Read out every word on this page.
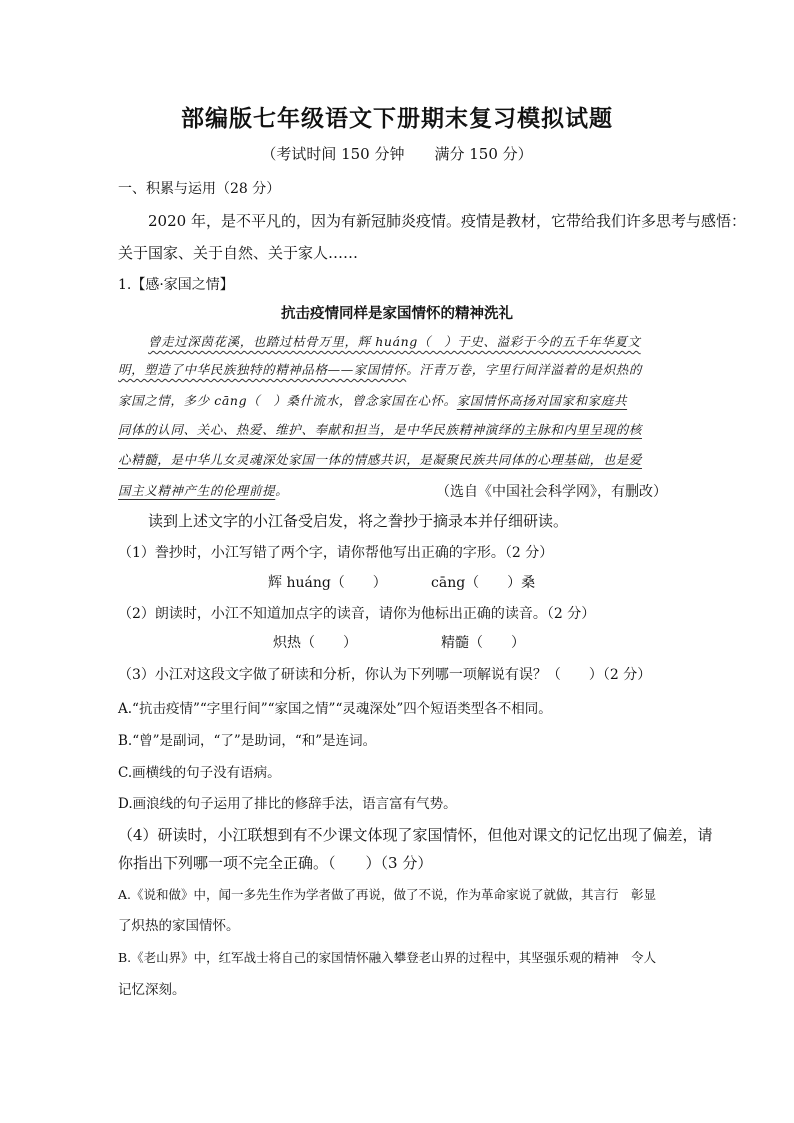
部编版七年级语文下册期末复习模拟试题
（考试时间 150 分钟　　满分 150 分）
一、积累与运用（28 分）
2020 年，是不平凡的，因为有新冠肺炎疫情。疫情是教材，它带给我们许多思考与感悟：
关于国家、关于自然、关于家人……
1.【感·家国之情】
抗击疫情同样是家国情怀的精神洗礼
曾走过深茵花溪，也踏过枯骨万里，辉 huáng（　）于史、溢彩于今的五千年华夏文
明，塑造了中华民族独特的精神品格——家国情怀。汗青万卷，字里行间洋溢着的是炽热的
家国之情，多少 cāng（　）桑什流水，曾念家国在心怀。家国情怀高扬对国家和家庭共
同体的认同、关心、热爱、维护、奉献和担当，是中华民族精神演绎的主脉和内里呈现的核
心精髓，是中华儿女灵魂深处家国一体的情感共识，是凝聚民族共同体的心理基础，也是爱
国主义精神产生的伦理前提。	（选自《中国社会科学网》，有删改）
读到上述文字的小江备受启发，将之誊抄于摘录本并仔细研读。
（1）誊抄时，小江写错了两个字，请你帮他写出正确的字形。（2 分）
辉 huáng（　　）	cāng（　　）桑
（2）朗读时，小江不知道加点字的读音，请你为他标出正确的读音。（2 分）
炽热（　　）	精髓（　　）
（3）小江对这段文字做了研读和分析，你认为下列哪一项解说有误？（　　）（2 分）
A.“抗击疫情”“字里行间”“家国之情”“灵魂深处”四个短语类型各不相同。
B.“曾”是副词，“了”是助词，“和”是连词。
C.画横线的句子没有语病。
D.画浪线的句子运用了排比的修辞手法，语言富有气势。
（4）研读时，小江联想到有不少课文体现了家国情怀，但他对课文的记忆出现了偏差，请
你指出下列哪一项不完全正确。（　　）（3 分）
A.《说和做》中，闻一多先生作为学者做了再说，做了不说，作为革命家说了就做，其言行　彰显
了炽热的家国情怀。
B.《老山界》中，红军战士将自己的家国情怀融入攀登老山界的过程中，其坚强乐观的精神　令人
记忆深刻。
